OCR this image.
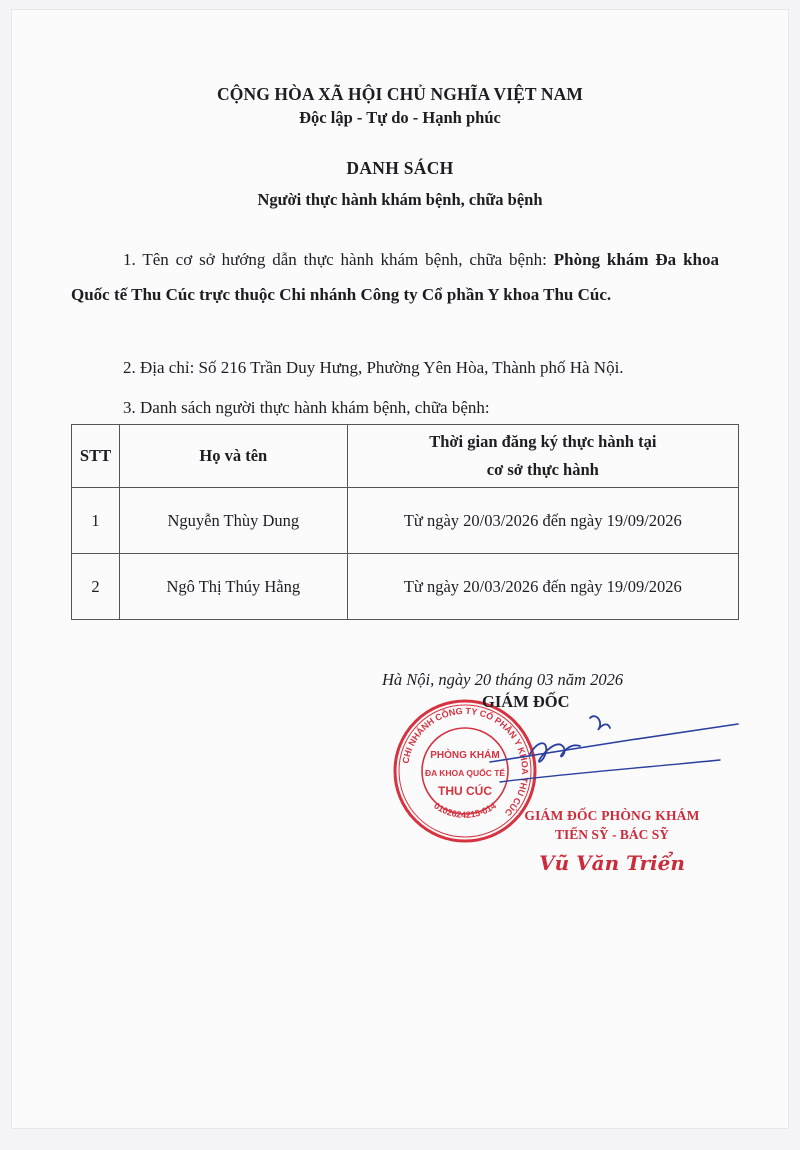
CỘNG HÒA XÃ HỘI CHỦ NGHĨA VIỆT NAM
Độc lập - Tự do - Hạnh phúc
DANH SÁCH
Người thực hành khám bệnh, chữa bệnh
1. Tên cơ sở hướng dẫn thực hành khám bệnh, chữa bệnh: Phòng khám Đa khoa Quốc tế Thu Cúc trực thuộc Chi nhánh Công ty Cổ phần Y khoa Thu Cúc.
2. Địa chỉ: Số 216 Trần Duy Hưng, Phường Yên Hòa, Thành phố Hà Nội.
3. Danh sách người thực hành khám bệnh, chữa bệnh:
STT	Họ và tên	Thời gian đăng ký thực hành tại
cơ sở thực hành
1	Nguyễn Thùy Dung	Từ ngày 20/03/2026 đến ngày 19/09/2026
2	Ngô Thị Thúy Hằng	Từ ngày 20/03/2026 đến ngày 19/09/2026
Hà Nội, ngày 20 tháng 03 năm 2026
CHI NHÁNH CÔNG TY CỔ PHẦN Y KHOA THU CÚC
0102624215-014
PHÒNG KHÁM
ĐA KHOA QUỐC TẾ
THU CÚC
GIÁM ĐỐC
GIÁM ĐỐC PHÒNG KHÁM
TIẾN SỸ - BÁC SỸ
Vũ Văn Triển
